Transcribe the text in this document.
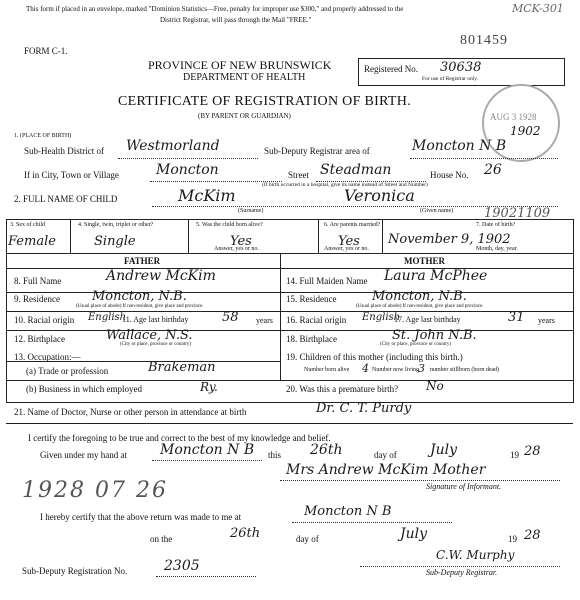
MCK-301
This form if placed in an envelope, marked "Dominion Statistics—Free, penalty for improper use $300," and properly addressed to the
District Registrar, will pass through the Mail "FREE."
801459
FORM C-1.
PROVINCE OF NEW BRUNSWICK
DEPARTMENT OF HEALTH
CERTIFICATE OF REGISTRATION OF BIRTH.
(BY PARENT OR GUARDIAN)
Registered No. 30638
For use of Registrar only.
AUG 3 1928
1902
1. (PLACE OF BIRTH)
Sub-Health District of Westmorland	Sub-Deputy Registrar area of	Moncton N B
If in City, Town or Village	Moncton	Street Steadman	House No. 26
(If birth occurred in a hospital, give its name instead of Street and Number)
2. FULL NAME OF CHILD	McKim	Veronica
(Surname)	(Given name) 19021109
3. Sex of child
Female
4. Single, twin, triplet or other?
Single
5. Was the child born alive?
Yes
Answer, yes or no.
6. Are parents married?
Yes
Answer, yes or no.
7. Date of birth?
November 9, 1902
Month, day, year.
FATHER	MOTHER
8. Full Name	Andrew McKim
9. Residence Moncton, N.B.
(Usual place of abode) If non-resident, give place and province.
10. Racial origin English
11. Age last birthday	58 years
12. Birthplace	Wallace, N.S.
(City or place, province or country)
14. Full Maiden Name Laura McPhee
15. Residence	Moncton, N.B.
(Usual place of abode) If non-resident, give place and province.
16. Racial origin English
17. Age last birthday	31 years
18. Birthplace	St. John N.B.
(City or place, province or country)
13. Occupation:—
(a) Trade or profession	Brakeman
(b) Business in which employed	Ry.
19. Children of this mother (including this birth.)
Number born alive 4 Number now living 3 number stillborn (born dead)
20. Was this a premature birth? No
21. Name of Doctor, Nurse or other person in attendance at birth	Dr. C. T. Purdy
I certify the foregoing to be true and correct to the best of my knowledge and belief.
Given under my hand at Moncton N B this 26th	day of July	19 28
Mrs Andrew McKim Mother
Signature of Informant.
1928 07 26
I hereby certify that the above return was made to me at	Moncton N B
on the	26th	day of	July	19 28
C.W. Murphy
Sub-Deputy Registrar.
Sub-Deputy Registration No.	2305
